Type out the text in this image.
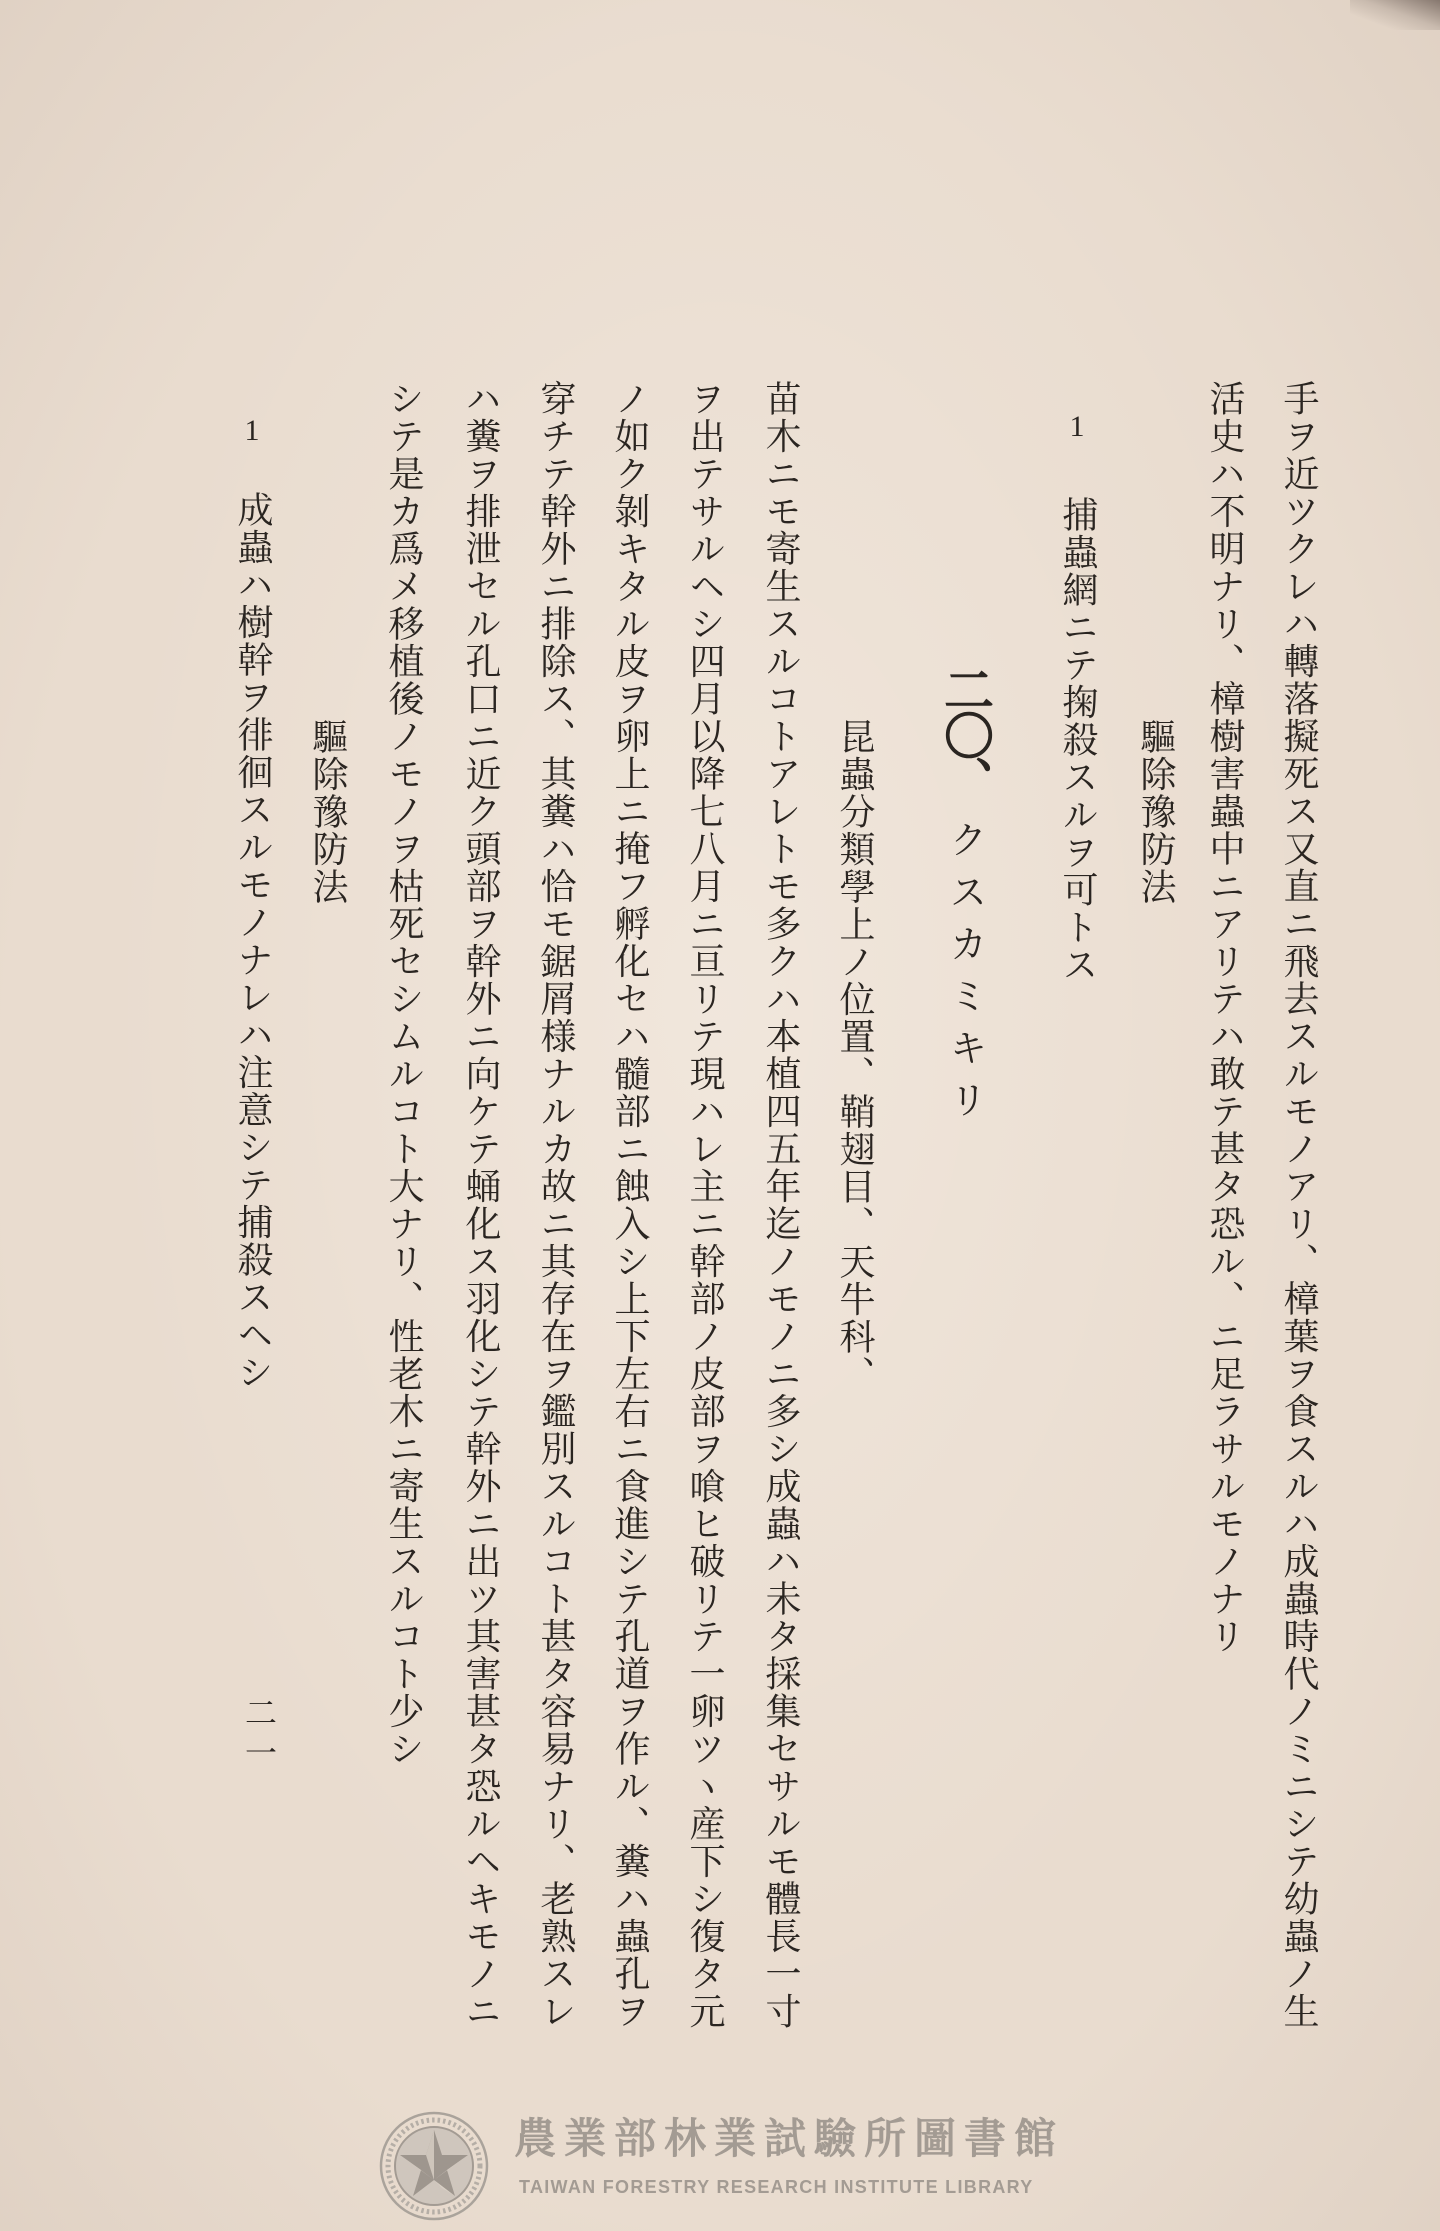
手ヲ近ツクレハ轉落擬死ス又直ニ飛去スルモノアリ、樟葉ヲ食スルハ成蟲時代ノミニシテ幼蟲ノ生
活史ハ不明ナリ、樟樹害蟲中ニアリテハ敢テ甚タ恐ル、ニ足ラサルモノナリ
驅除豫防法
1
捕蟲網ニテ掬殺スルヲ可トス
二〇、クスカミキリ
昆蟲分類學上ノ位置、鞘翅目、天牛科、
苗木ニモ寄生スルコトアレトモ多クハ本植四五年迄ノモノニ多シ成蟲ハ未タ採集セサルモ體長一寸
ヲ出テサルヘシ四月以降七八月ニ亘リテ現ハレ主ニ幹部ノ皮部ヲ喰ヒ破リテ一卵ツヽ産下シ復タ元
ノ如ク剝キタル皮ヲ卵上ニ掩フ孵化セハ髓部ニ蝕入シ上下左右ニ食進シテ孔道ヲ作ル、糞ハ蟲孔ヲ
穿チテ幹外ニ排除ス、其糞ハ恰モ鋸屑様ナルカ故ニ其存在ヲ鑑別スルコト甚タ容易ナリ、老熟スレ
ハ糞ヲ排泄セル孔口ニ近ク頭部ヲ幹外ニ向ケテ蛹化ス羽化シテ幹外ニ出ツ其害甚タ恐ルヘキモノニ
シテ是カ爲メ移植後ノモノヲ枯死セシムルコト大ナリ、性老木ニ寄生スルコト少シ
驅除豫防法
1
成蟲ハ樹幹ヲ徘徊スルモノナレハ注意シテ捕殺スヘシ
二一
農業部林業試驗所圖書館
TAIWAN FORESTRY RESEARCH INSTITUTE LIBRARY
